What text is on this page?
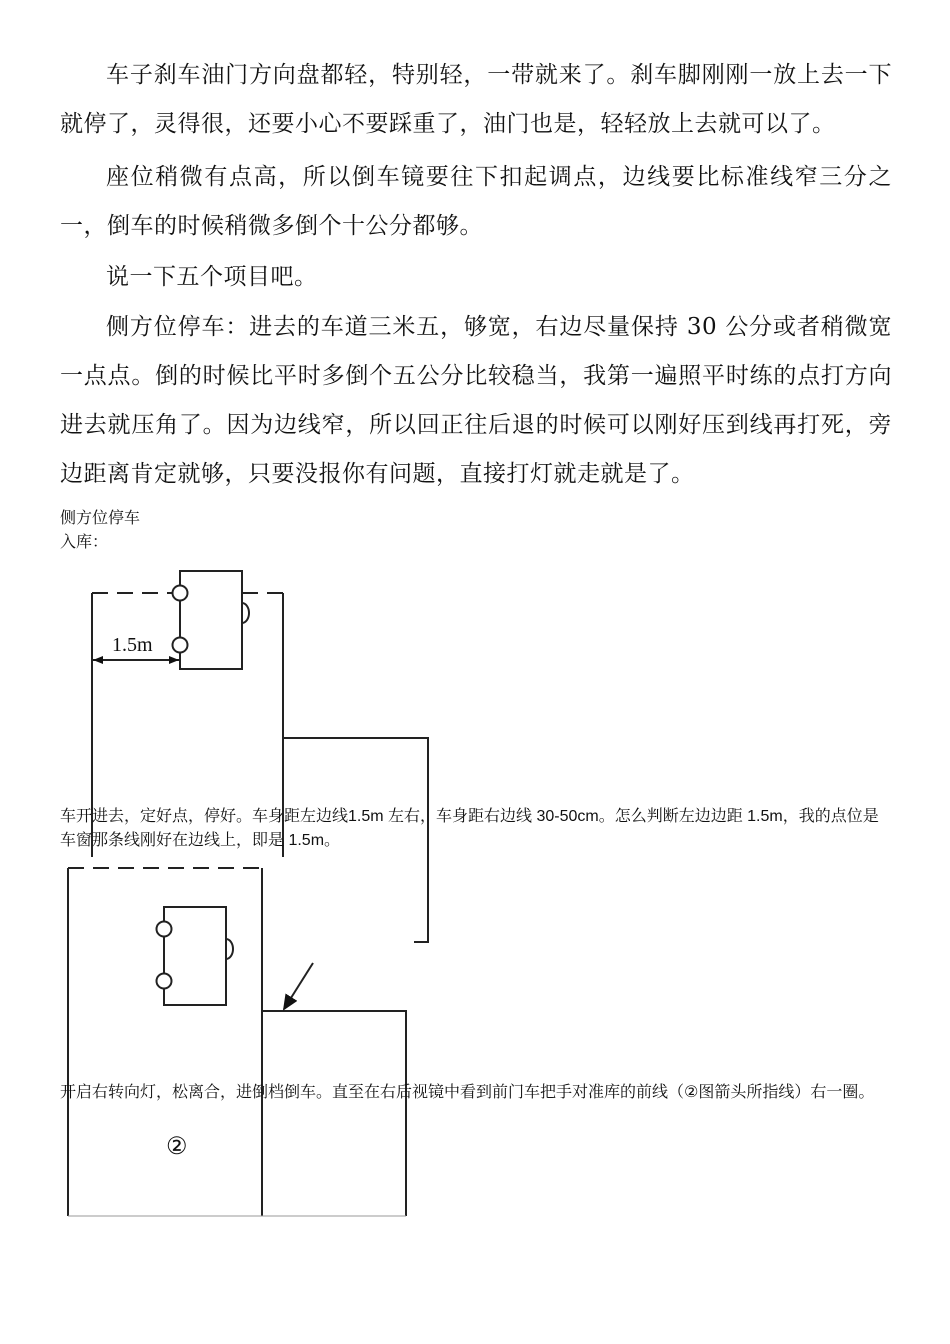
车子刹车油门方向盘都轻，特别轻，一带就来了。刹车脚刚刚一放上去一下就停了，灵得很，还要小心不要踩重了，油门也是，轻轻放上去就可以了。

座位稍微有点高，所以倒车镜要往下扣起调点，边线要比标准线窄三分之一，倒车的时候稍微多倒个十公分都够。

说一下五个项目吧。

侧方位停车：进去的车道三米五，够宽，右边尽量保持 30 公分或者稍微宽一点点。倒的时候比平时多倒个五公分比较稳当，我第一遍照平时练的点打方向进去就压角了。因为边线窄，所以回正往后退的时候可以刚好压到线再打死，旁边距离肯定就够，只要没报你有问题，直接打灯就走就是了。

侧方位停车
入库：

1.5m
②

车开进去，定好点，停好。车身距左边线1.5m 左右，车身距右边线 30-50cm。怎么判断左边边距 1.5m，我的点位是车窗那条线刚好在边线上，即是 1.5m。

开启右转向灯，松离合，进倒档倒车。直至在右后视镜中看到前门车把手对准库的前线（②图箭头所指线）右一圈。
